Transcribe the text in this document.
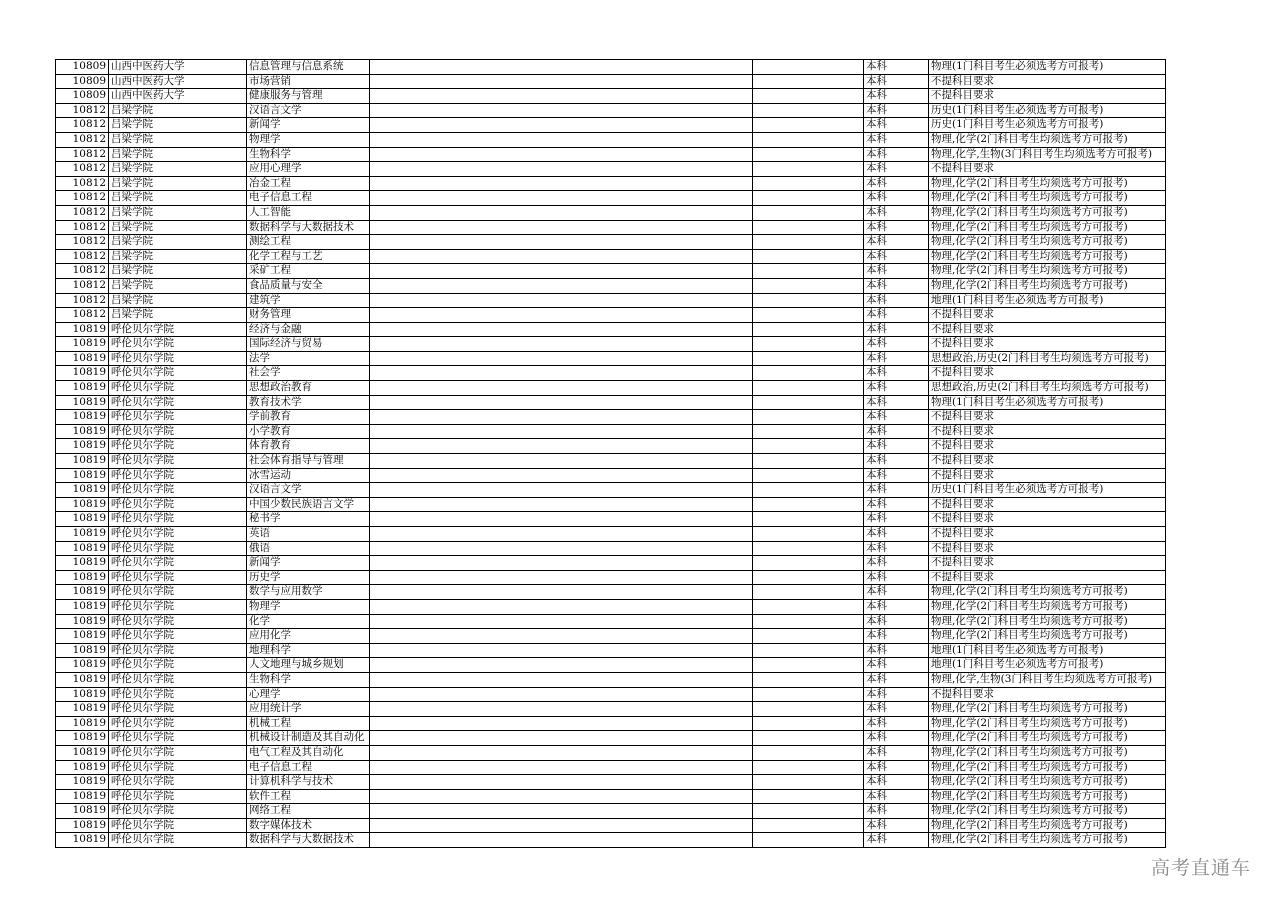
10809	山西中医药大学	信息管理与信息系统			本科	物理(1门科目考生必须选考方可报考)
10809	山西中医药大学	市场营销			本科	不提科目要求
10809	山西中医药大学	健康服务与管理			本科	不提科目要求
10812	吕梁学院	汉语言文学			本科	历史(1门科目考生必须选考方可报考)
10812	吕梁学院	新闻学			本科	历史(1门科目考生必须选考方可报考)
10812	吕梁学院	物理学			本科	物理,化学(2门科目考生均须选考方可报考)
10812	吕梁学院	生物科学			本科	物理,化学,生物(3门科目考生均须选考方可报考)
10812	吕梁学院	应用心理学			本科	不提科目要求
10812	吕梁学院	冶金工程			本科	物理,化学(2门科目考生均须选考方可报考)
10812	吕梁学院	电子信息工程			本科	物理,化学(2门科目考生均须选考方可报考)
10812	吕梁学院	人工智能			本科	物理,化学(2门科目考生均须选考方可报考)
10812	吕梁学院	数据科学与大数据技术			本科	物理,化学(2门科目考生均须选考方可报考)
10812	吕梁学院	测绘工程			本科	物理,化学(2门科目考生均须选考方可报考)
10812	吕梁学院	化学工程与工艺			本科	物理,化学(2门科目考生均须选考方可报考)
10812	吕梁学院	采矿工程			本科	物理,化学(2门科目考生均须选考方可报考)
10812	吕梁学院	食品质量与安全			本科	物理,化学(2门科目考生均须选考方可报考)
10812	吕梁学院	建筑学			本科	地理(1门科目考生必须选考方可报考)
10812	吕梁学院	财务管理			本科	不提科目要求
10819	呼伦贝尔学院	经济与金融			本科	不提科目要求
10819	呼伦贝尔学院	国际经济与贸易			本科	不提科目要求
10819	呼伦贝尔学院	法学			本科	思想政治,历史(2门科目考生均须选考方可报考)
10819	呼伦贝尔学院	社会学			本科	不提科目要求
10819	呼伦贝尔学院	思想政治教育			本科	思想政治,历史(2门科目考生均须选考方可报考)
10819	呼伦贝尔学院	教育技术学			本科	物理(1门科目考生必须选考方可报考)
10819	呼伦贝尔学院	学前教育			本科	不提科目要求
10819	呼伦贝尔学院	小学教育			本科	不提科目要求
10819	呼伦贝尔学院	体育教育			本科	不提科目要求
10819	呼伦贝尔学院	社会体育指导与管理			本科	不提科目要求
10819	呼伦贝尔学院	冰雪运动			本科	不提科目要求
10819	呼伦贝尔学院	汉语言文学			本科	历史(1门科目考生必须选考方可报考)
10819	呼伦贝尔学院	中国少数民族语言文学			本科	不提科目要求
10819	呼伦贝尔学院	秘书学			本科	不提科目要求
10819	呼伦贝尔学院	英语			本科	不提科目要求
10819	呼伦贝尔学院	俄语			本科	不提科目要求
10819	呼伦贝尔学院	新闻学			本科	不提科目要求
10819	呼伦贝尔学院	历史学			本科	不提科目要求
10819	呼伦贝尔学院	数学与应用数学			本科	物理,化学(2门科目考生均须选考方可报考)
10819	呼伦贝尔学院	物理学			本科	物理,化学(2门科目考生均须选考方可报考)
10819	呼伦贝尔学院	化学			本科	物理,化学(2门科目考生均须选考方可报考)
10819	呼伦贝尔学院	应用化学			本科	物理,化学(2门科目考生均须选考方可报考)
10819	呼伦贝尔学院	地理科学			本科	地理(1门科目考生必须选考方可报考)
10819	呼伦贝尔学院	人文地理与城乡规划			本科	地理(1门科目考生必须选考方可报考)
10819	呼伦贝尔学院	生物科学			本科	物理,化学,生物(3门科目考生均须选考方可报考)
10819	呼伦贝尔学院	心理学			本科	不提科目要求
10819	呼伦贝尔学院	应用统计学			本科	物理,化学(2门科目考生均须选考方可报考)
10819	呼伦贝尔学院	机械工程			本科	物理,化学(2门科目考生均须选考方可报考)
10819	呼伦贝尔学院	机械设计制造及其自动化			本科	物理,化学(2门科目考生均须选考方可报考)
10819	呼伦贝尔学院	电气工程及其自动化			本科	物理,化学(2门科目考生均须选考方可报考)
10819	呼伦贝尔学院	电子信息工程			本科	物理,化学(2门科目考生均须选考方可报考)
10819	呼伦贝尔学院	计算机科学与技术			本科	物理,化学(2门科目考生均须选考方可报考)
10819	呼伦贝尔学院	软件工程			本科	物理,化学(2门科目考生均须选考方可报考)
10819	呼伦贝尔学院	网络工程			本科	物理,化学(2门科目考生均须选考方可报考)
10819	呼伦贝尔学院	数字媒体技术			本科	物理,化学(2门科目考生均须选考方可报考)
10819	呼伦贝尔学院	数据科学与大数据技术			本科	物理,化学(2门科目考生均须选考方可报考)
高考直通车
